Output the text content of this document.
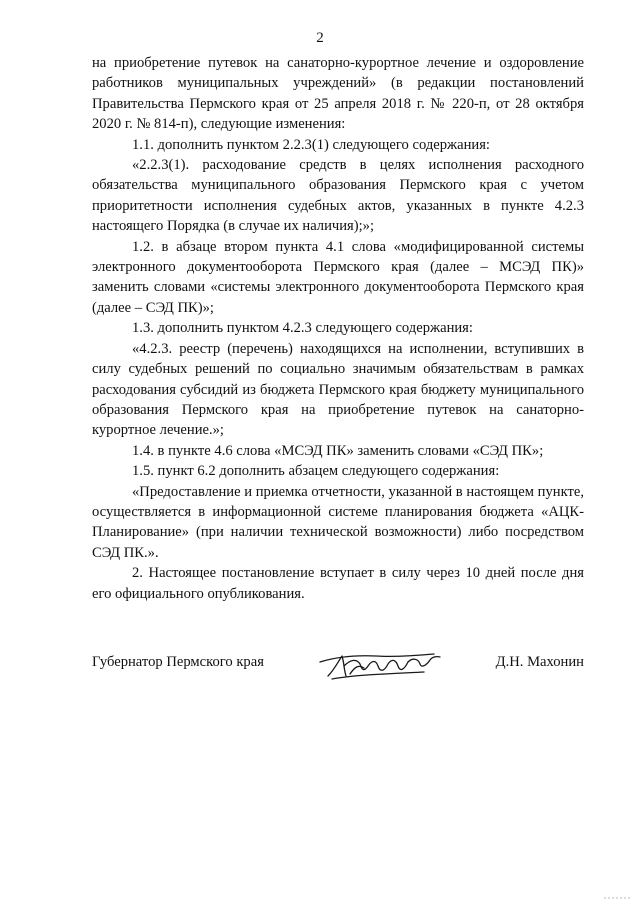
2

на приобретение путевок на санаторно-курортное лечение и оздоровление работников муниципальных учреждений» (в редакции постановлений Правительства Пермского края от 25 апреля 2018 г. № 220-п, от 28 октября 2020 г. № 814-п), следующие изменения:

1.1. дополнить пунктом 2.2.3(1) следующего содержания:

«2.2.3(1). расходование средств в целях исполнения расходного обязательства муниципального образования Пермского края с учетом приоритетности исполнения судебных актов, указанных в пункте 4.2.3 настоящего Порядка (в случае их наличия);»;

1.2. в абзаце втором пункта 4.1 слова «модифицированной системы электронного документооборота Пермского края (далее – МСЭД ПК)» заменить словами «системы электронного документооборота Пермского края (далее – СЭД ПК)»;

1.3. дополнить пунктом 4.2.3 следующего содержания:

«4.2.3. реестр (перечень) находящихся на исполнении, вступивших в силу судебных решений по социально значимым обязательствам в рамках расходования субсидий из бюджета Пермского края бюджету муниципального образования Пермского края на приобретение путевок на санаторно-курортное лечение.»;

1.4. в пункте 4.6 слова «МСЭД ПК» заменить словами «СЭД ПК»;

1.5. пункт 6.2 дополнить абзацем следующего содержания:

«Предоставление и приемка отчетности, указанной в настоящем пункте, осуществляется в информационной системе планирования бюджета «АЦК-Планирование» (при наличии технической возможности) либо посредством СЭД ПК.».

2. Настоящее постановление вступает в силу через 10 дней после дня его официального опубликования.

Губернатор Пермского края	Д.Н. Махонин
